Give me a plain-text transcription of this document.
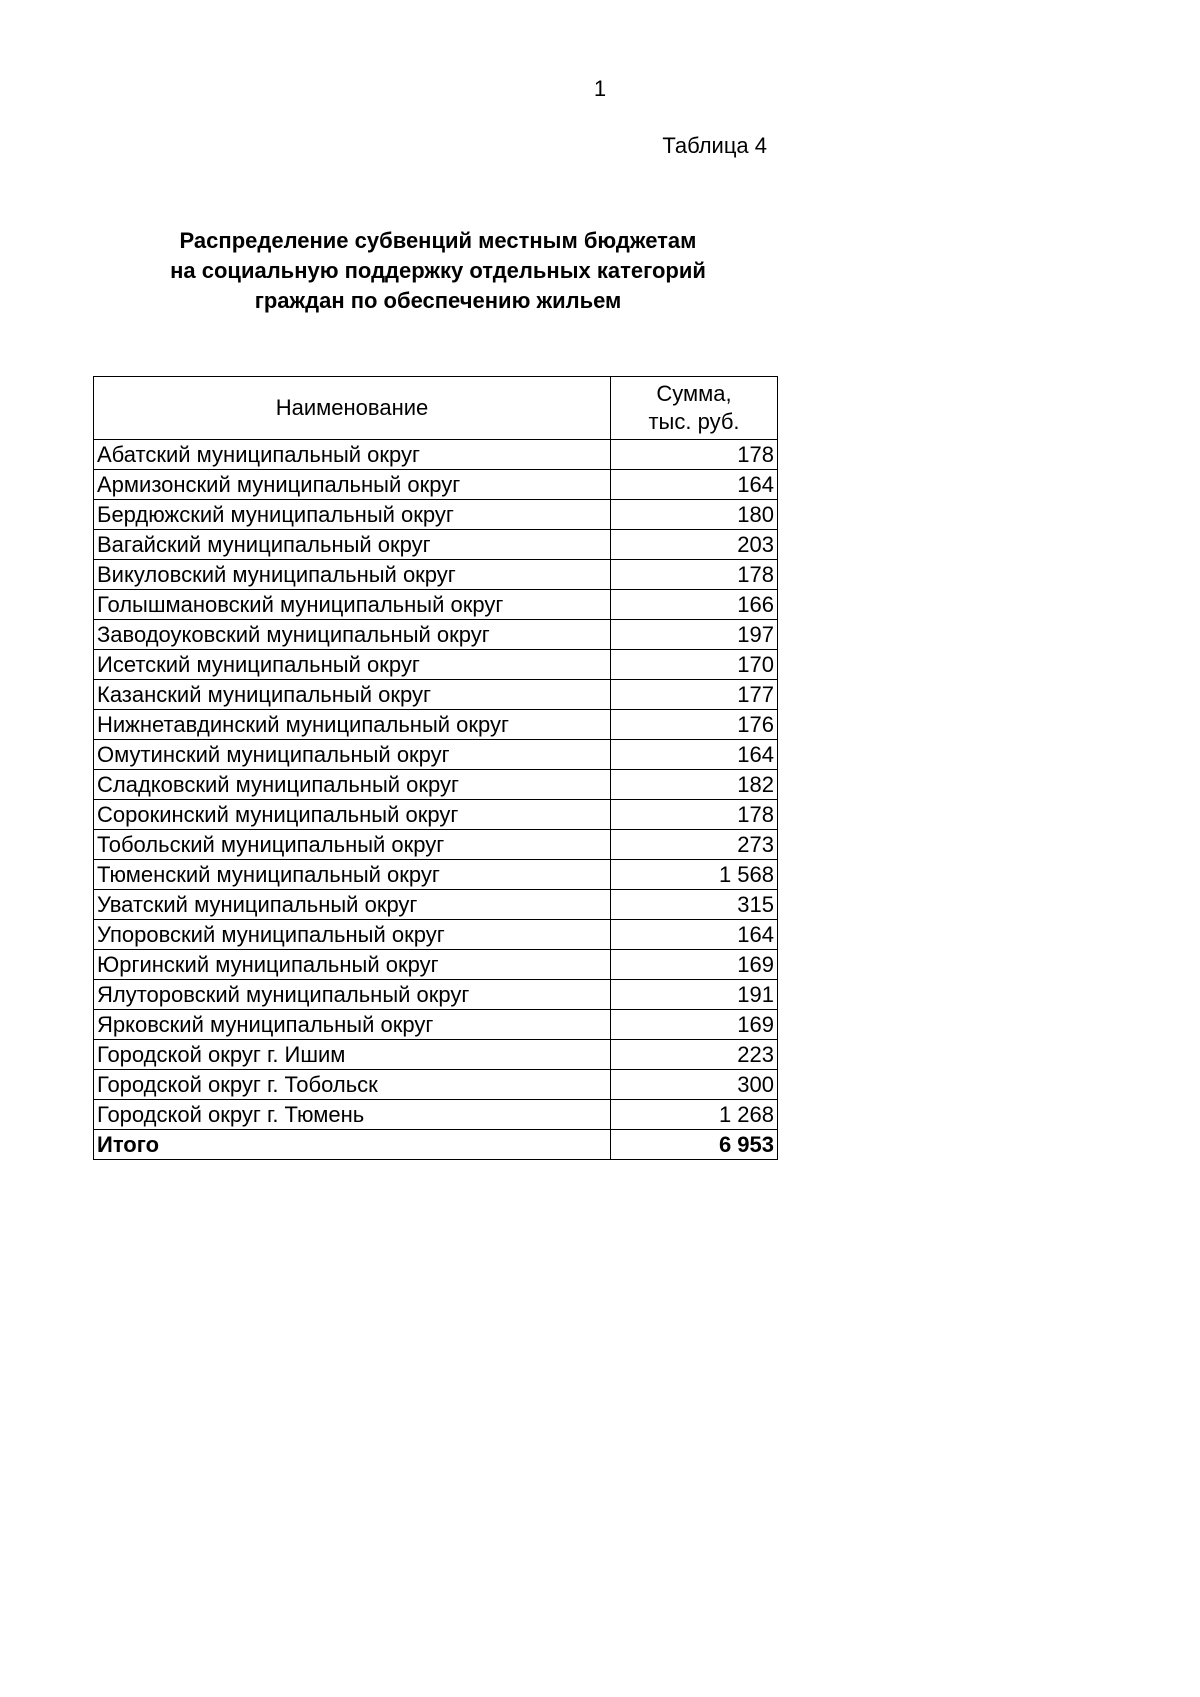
1
Таблица 4
Распределение субвенций местным бюджетам
на социальную поддержку отдельных категорий
граждан по обеспечению жильем
Наименование	Сумма,
тыс. руб.

Абатский муниципальный округ	178
Армизонский муниципальный округ	164
Бердюжский муниципальный округ	180
Вагайский муниципальный округ	203
Викуловский муниципальный округ	178
Голышмановский муниципальный округ	166
Заводоуковский муниципальный округ	197
Исетский муниципальный округ	170
Казанский муниципальный округ	177
Нижнетавдинский муниципальный округ	176
Омутинский муниципальный округ	164
Сладковский муниципальный округ	182
Сорокинский муниципальный округ	178
Тобольский муниципальный округ	273
Тюменский муниципальный округ	1 568
Уватский муниципальный округ	315
Упоровский муниципальный округ	164
Юргинский муниципальный округ	169
Ялуторовский муниципальный округ	191
Ярковский муниципальный округ	169
Городской округ г. Ишим	223
Городской округ г. Тобольск	300
Городской округ г. Тюмень	1 268
Итого	6 953
